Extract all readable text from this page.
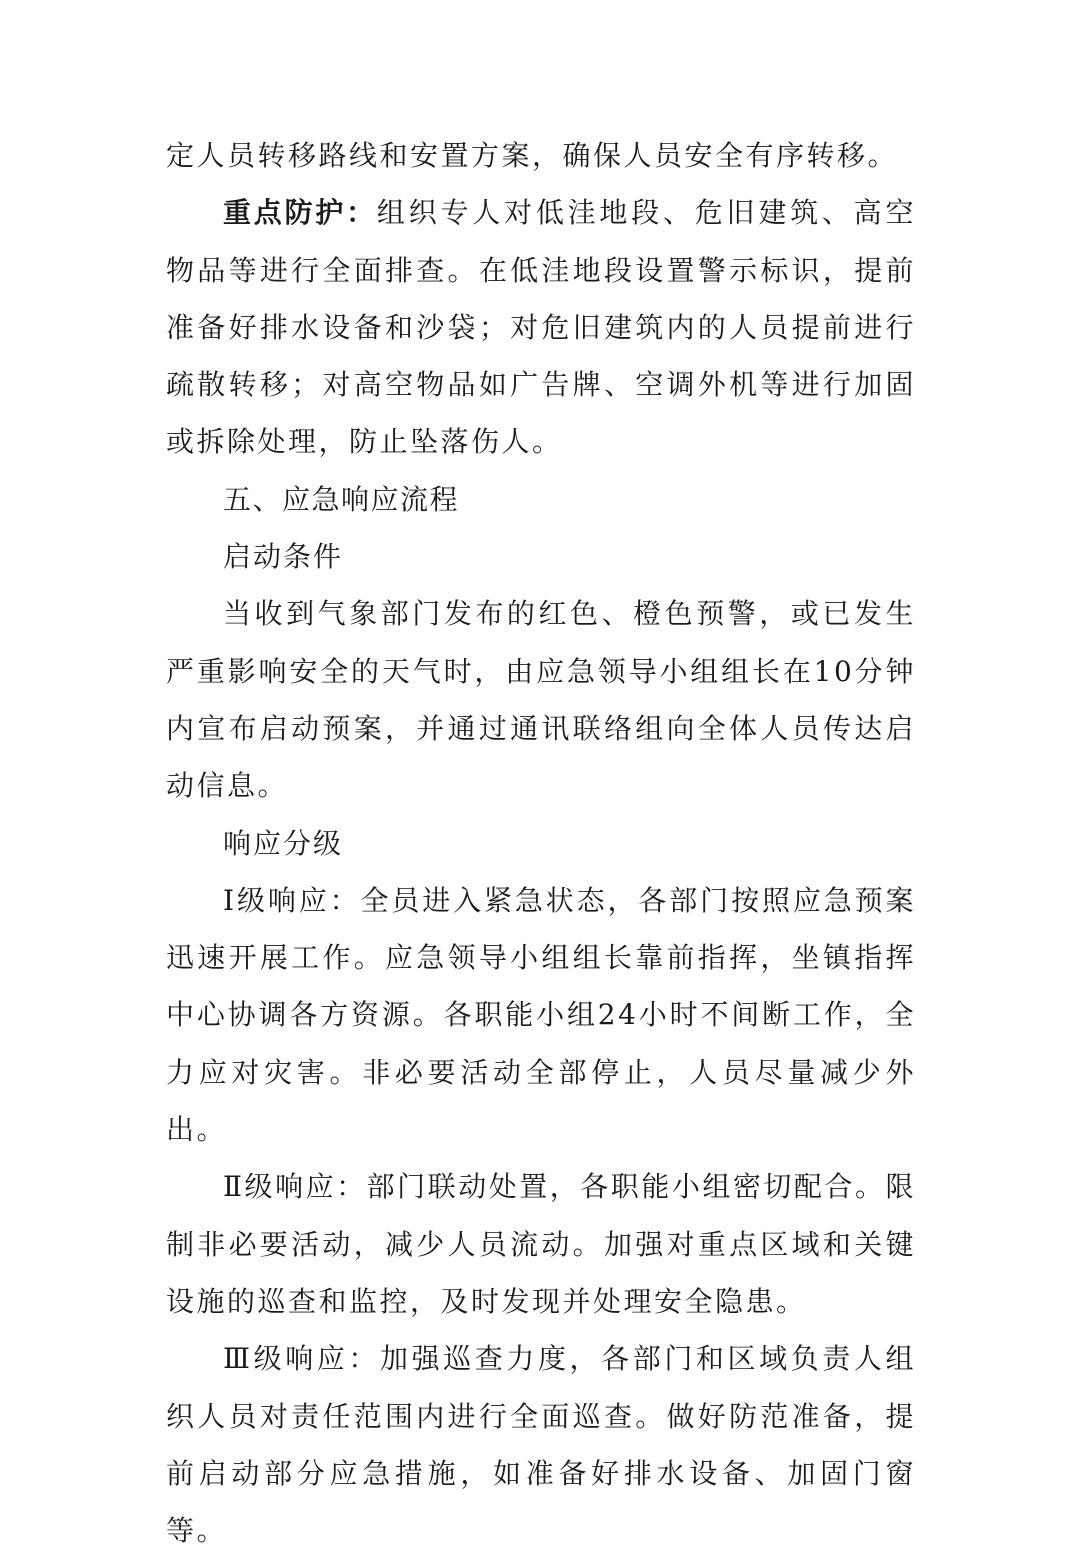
定人员转移路线和安置方案，确保人员安全有序转移。

重点防护：组织专人对低洼地段、危旧建筑、高空物品等进行全面排查。在低洼地段设置警示标识，提前准备好排水设备和沙袋；对危旧建筑内的人员提前进行疏散转移；对高空物品如广告牌、空调外机等进行加固或拆除处理，防止坠落伤人。

五、应急响应流程

启动条件

当收到气象部门发布的红色、橙色预警，或已发生严重影响安全的天气时，由应急领导小组组长在10分钟内宣布启动预案，并通过通讯联络组向全体人员传达启动信息。

响应分级

Ⅰ级响应：全员进入紧急状态，各部门按照应急预案迅速开展工作。应急领导小组组长靠前指挥，坐镇指挥中心协调各方资源。各职能小组24小时不间断工作，全力应对灾害。非必要活动全部停止，人员尽量减少外出。

Ⅱ级响应：部门联动处置，各职能小组密切配合。限制非必要活动，减少人员流动。加强对重点区域和关键设施的巡查和监控，及时发现并处理安全隐患。

Ⅲ级响应：加强巡查力度，各部门和区域负责人组织人员对责任范围内进行全面巡查。做好防范准备，提前启动部分应急措施，如准备好排水设备、加固门窗等。
